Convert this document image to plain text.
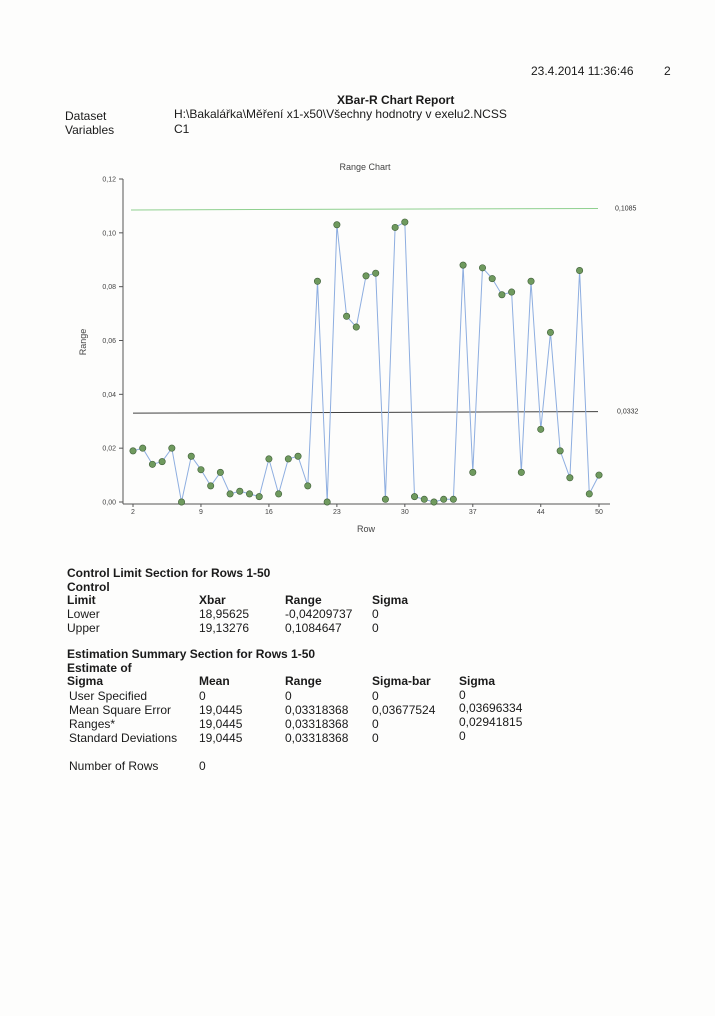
23.4.2014 11:36:46	2
XBar-R Chart Report
Dataset	H:\Bakalářka\Měření x1-x50\Všechny hodnotry v exelu2.NCSS
Variables	C1
Range Chart
0,00
0,02
0,04
0,06
0,08
0,10
0,12
2	9	16	23	30	37	44	50
Range
Row
0,1085
0,0332
Control Limit Section for Rows 1-50
Control
Limit	Xbar	Range	Sigma
Lower	18,95625	-0,04209737 0
Upper	19,13276	0,1084647	0
Estimation Summary Section for Rows 1-50
Estimate of
Sigma	Mean	Range	Sigma-bar Sigma
User Specified	0	0	0	0
Mean Square Error 19,0445	0,03318368 0,03677524 0,03696334
Ranges*	19,0445	0,03318368 0	0,02941815
Standard Deviations 19,0445	0,03318368 0	0
Number of Rows	0
